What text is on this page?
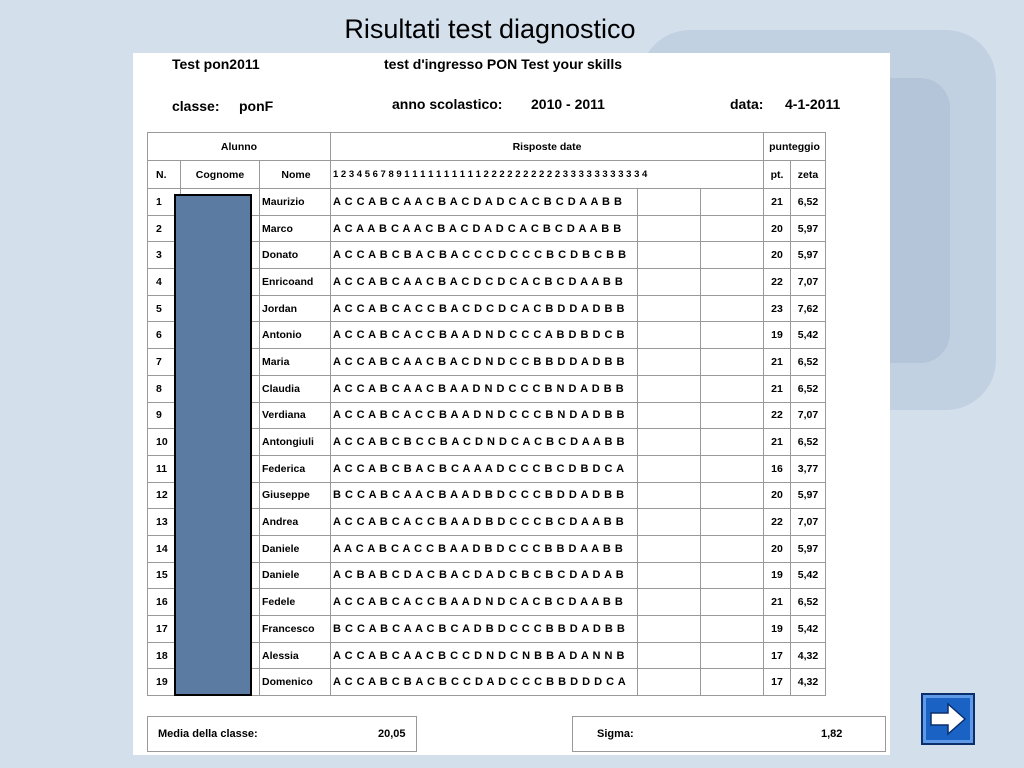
Risultati test diagnostico
Test pon2011	test d'ingresso PON Test your skills
classe: ponF	anno scolastico: 2010 - 2011	data: 4-1-2011
Alunno			Risposte date			punteggio	
N.	Cognome	Nome	1 2 3 4 5 6 7 8 9 1 1 1 1 1 1 1 1 1 1 2 2 2 2 2 2 2 2 2 2 3 3 3 3 3 3 3 3 3 3 4			pt.	zeta
1		Maurizio	A C C A B C A A C B A C D A D C A C B C D A A B B			21	6,52
2		Marco	A C A A B C A A C B A C D A D C A C B C D A A B B			20	5,97
3		Donato	A C C A B C B A C B A C C C D C C C B C D B C B B			20	5,97
4		Enricoand	A C C A B C A A C B A C D C D C A C B C D A A B B			22	7,07
5		Jordan	A C C A B C A C C B A C D C D C A C B D D A D B B			23	7,62
6		Antonio	A C C A B C A C C B A A D N D C C C A B D B D C B			19	5,42
7		Maria	A C C A B C A A C B A C D N D C C B B D D A D B B			21	6,52
8		Claudia	A C C A B C A A C B A A D N D C C C B N D A D B B			21	6,52
9		Verdiana	A C C A B C A C C B A A D N D C C C B N D A D B B			22	7,07
10		Antongiuli	A C C A B C B C C B A C D N D C A C B C D A A B B			21	6,52
11		Federica	A C C A B C B A C B C A A A D C C C B C D B D C A			16	3,77
12		Giuseppe	B C C A B C A A C B A A D B D C C C B D D A D B B			20	5,97
13		Andrea	A C C A B C A C C B A A D B D C C C B C D A A B B			22	7,07
14		Daniele	A A C A B C A C C B A A D B D C C C B B D A A B B			20	5,97
15		Daniele	A C B A B C D A C B A C D A D C B C B C D A D A B			19	5,42
16		Fedele	A C C A B C A C C B A A D N D C A C B C D A A B B			21	6,52
17		Francesco	B C C A B C A A C B C A D B D C C C B B D A D B B			19	5,42
18		Alessia	A C C A B C A A C B C C D N D C N B B A D A N N B			17	4,32
19		Domenico	A C C A B C B A C B C C D A D C C C B B D D D C A			17	4,32
Media della classe:	20,05	Sigma:	1,82
